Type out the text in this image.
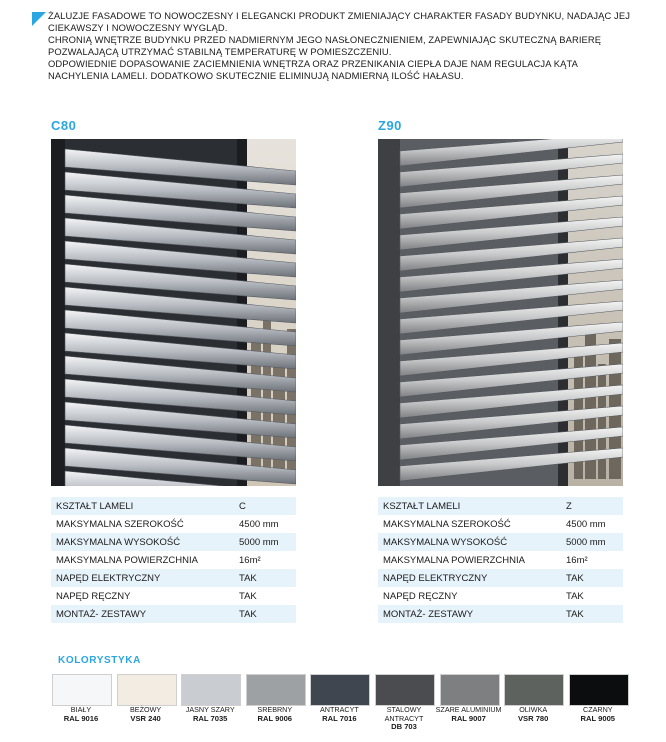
ŻALUZJE FASADOWE TO NOWOCZESNY I ELEGANCKI PRODUKT ZMIENIAJĄCY CHARAKTER FASADY BUDYNKU, NADAJĄC JEJ CIEKAWSZY I NOWOCZESNY WYGLĄD.

CHRONIĄ WNĘTRZE BUDYNKU PRZED NADMIERNYM JEGO NASŁONECZNIENIEM, ZAPEWNIAJĄC SKUTECZNĄ BARIERĘ POZWALAJĄCĄ UTRZYMAĆ STABILNĄ TEMPERATURĘ W POMIESZCZENIU.

ODPOWIEDNIE DOPASOWANIE ZACIEMNIENIA WNĘTRZA ORAZ PRZENIKANIA CIEPŁA DAJE NAM REGULACJA KĄTA NACHYLENIA LAMELI. DODATKOWO SKUTECZNIE ELIMINUJĄ NADMIERNĄ ILOŚĆ HAŁASU.

C80
KSZTAŁT LAMELI	C
MAKSYMALNA SZEROKOŚĆ	4500 mm
MAKSYMALNA WYSOKOŚĆ	5000 mm
MAKSYMALNA POWIERZCHNIA	16m²
NAPĘD ELEKTRYCZNY	TAK
NAPĘD RĘCZNY	TAK
MONTAŻ- ZESTAWY	TAK
Z90
KSZTAŁT LAMELI	Z
MAKSYMALNA SZEROKOŚĆ	4500 mm
MAKSYMALNA WYSOKOŚĆ	5000 mm
MAKSYMALNA POWIERZCHNIA	16m²
NAPĘD ELEKTRYCZNY	TAK
NAPĘD RĘCZNY	TAK
MONTAŻ- ZESTAWY	TAK
KOLORYSTYKA
BIAŁY
RAL 9016
BEŻOWY
VSR 240
JASNY SZARY
RAL 7035
SREBRNY
RAL 9006
ANTRACYT
RAL 7016
STALOWY ANTRACYT
DB 703
SZARE ALUMINIUM
RAL 9007
OLIWKA
VSR 780
CZARNY
RAL 9005
